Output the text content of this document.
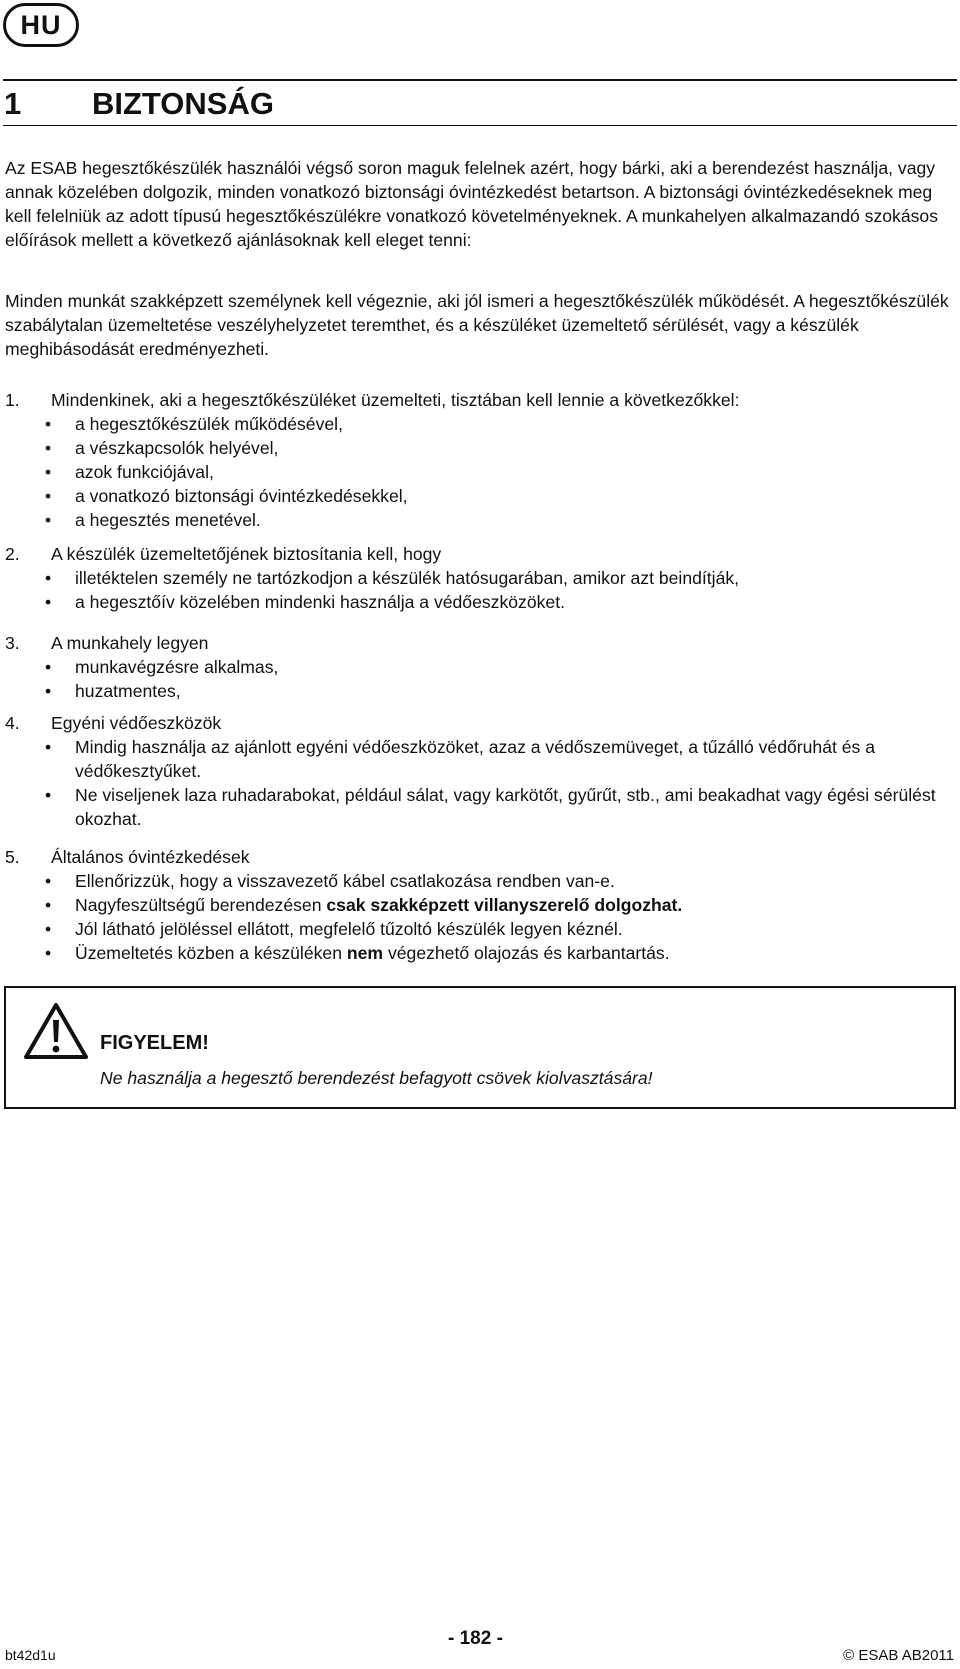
HU
1 BIZTONSÁG

Az ESAB hegesztőkészülék használói végső soron maguk felelnek azért, hogy bárki, aki a berendezést használja, vagy annak közelében dolgozik, minden vonatkozó biztonsági óvintézkedést betartson. A biztonsági óvintézkedéseknek meg kell felelniük az adott típusú hegesztőkészülékre vonatkozó követelményeknek. A munkahelyen alkalmazandó szokásos előírások mellett a következő ajánlásoknak kell eleget tenni:

Minden munkát szakképzett személynek kell végeznie, aki jól ismeri a hegesztőkészülék működését. A hegesztőkészülék szabálytalan üzemeltetése veszélyhelyzetet teremthet, és a készüléket üzemeltető sérülését, vagy a készülék meghibásodását eredményezheti.

1. Mindenkinek, aki a hegesztőkészüléket üzemelteti, tisztában kell lennie a következőkkel:
• a hegesztőkészülék működésével,
• a vészkapcsolók helyével,
• azok funkciójával,
• a vonatkozó biztonsági óvintézkedésekkel,
• a hegesztés menetével.
2. A készülék üzemeltetőjének biztosítania kell, hogy
• illetéktelen személy ne tartózkodjon a készülék hatósugarában, amikor azt beindítják,
• a hegesztőív közelében mindenki használja a védőeszközöket.
3. A munkahely legyen
• munkavégzésre alkalmas,
• huzatmentes,
4. Egyéni védőeszközök
• Mindig használja az ajánlott egyéni védőeszközöket, azaz a védőszemüveget, a tűzálló védőruhát és a védőkesztyűket.
• Ne viseljenek laza ruhadarabokat, például sálat, vagy karkötőt, gyűrűt, stb., ami beakadhat vagy égési sérülést okozhat.
5. Általános óvintézkedések
• Ellenőrizzük, hogy a visszavezető kábel csatlakozása rendben van-e.
• Nagyfeszültségű berendezésen csak szakképzett villanyszerelő dolgozhat.
• Jól látható jelöléssel ellátott, megfelelő tűzoltó készülék legyen kéznél.
• Üzemeltetés közben a készüléken nem végezhető olajozás és karbantartás.
FIGYELEM!
Ne használja a hegesztő berendezést befagyott csövek kiolvasztására!
bt42d1u
- 182 -
© ESAB AB2011
